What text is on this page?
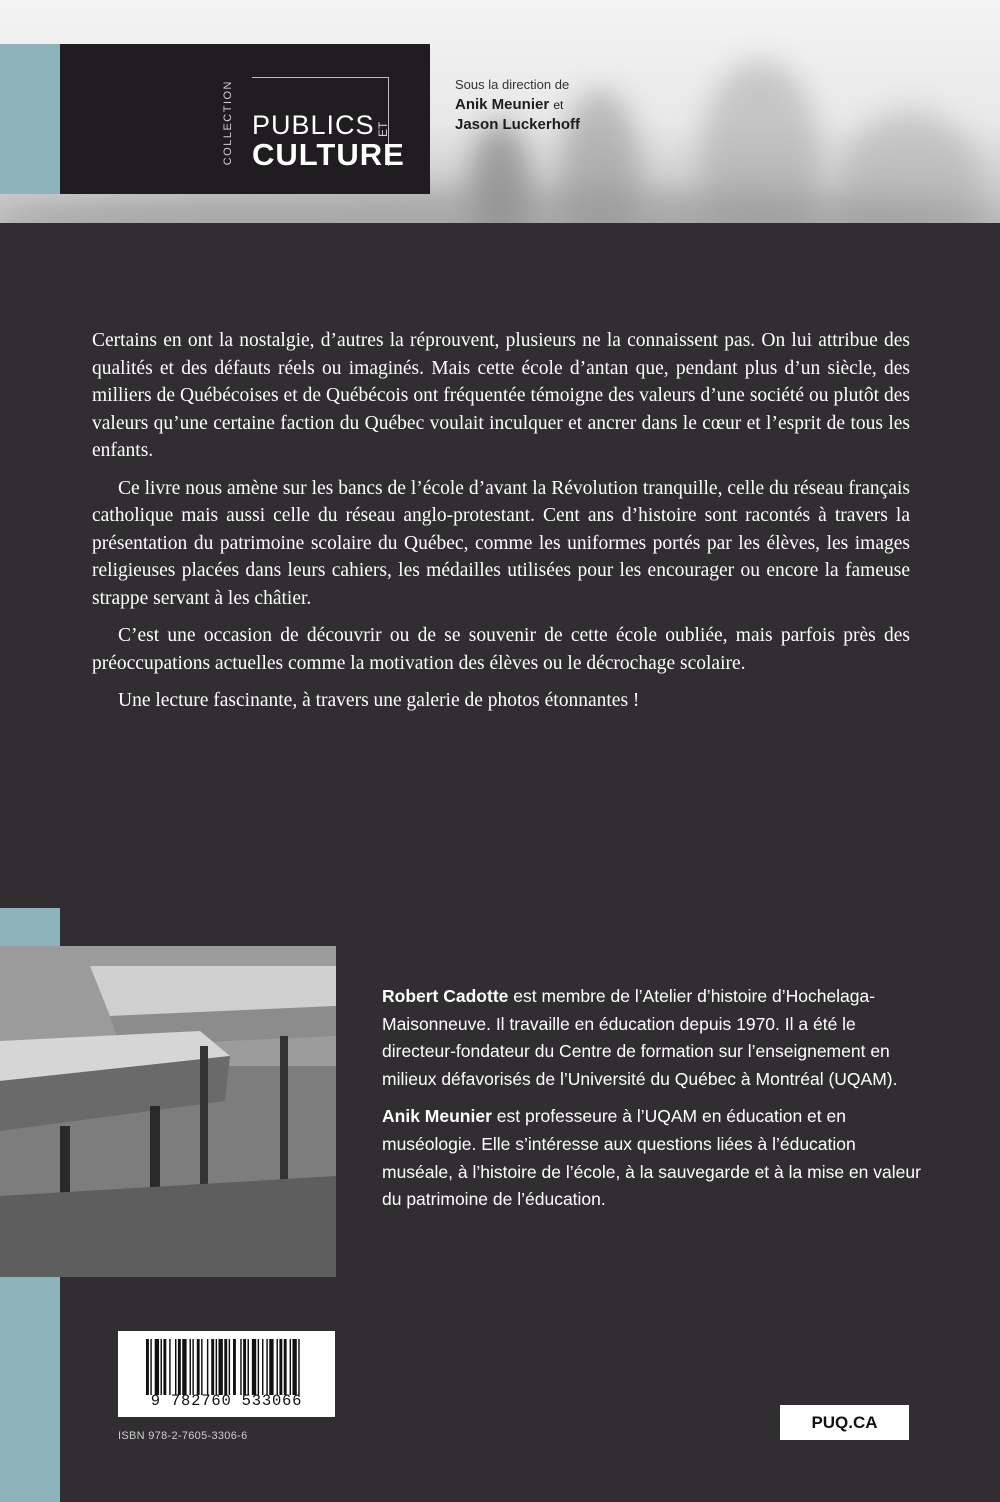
COLLECTION PUBLICS ET
CULTURE
Sous la direction de
Anik Meunier et
Jason Luckerhoff

Certains en ont la nostalgie, d’autres la réprouvent, plusieurs ne la connaissent pas. On lui attribue des qualités et des défauts réels ou imaginés. Mais cette école d’antan que, pendant plus d’un siècle, des milliers de Québécoises et de Québécois ont fréquentée témoigne des valeurs d’une société ou plutôt des valeurs qu’une certaine faction du Québec voulait inculquer et ancrer dans le cœur et l’esprit de tous les enfants.

Ce livre nous amène sur les bancs de l’école d’avant la Révolution tranquille, celle du réseau français catholique mais aussi celle du réseau anglo-protestant. Cent ans d’histoire sont racontés à travers la présentation du patrimoine scolaire du Québec, comme les uniformes portés par les élèves, les images religieuses placées dans leurs cahiers, les médailles utilisées pour les encourager ou encore la fameuse strappe servant à les châtier.

C’est une occasion de découvrir ou de se souvenir de cette école oubliée, mais parfois près des préoccupations actuelles comme la motivation des élèves ou le décrochage scolaire.

Une lecture fascinante, à travers une galerie de photos étonnantes !

Robert Cadotte est membre de l’Atelier d’histoire d’Hochelaga-Maisonneuve. Il travaille en éducation depuis 1970. Il a été le directeur-fondateur du Centre de formation sur l’enseignement en milieux défavorisés de l’Université du Québec à Montréal (UQAM).

Anik Meunier est professeure à l’UQAM en éducation et en muséologie. Elle s’intéresse aux questions liées à l’éducation muséale, à l’histoire de l’école, à la sauvegarde et à la mise en valeur du patrimoine de l’éducation.

9 782760 533066
ISBN 978-2-7605-3306-6
PUQ.CA
